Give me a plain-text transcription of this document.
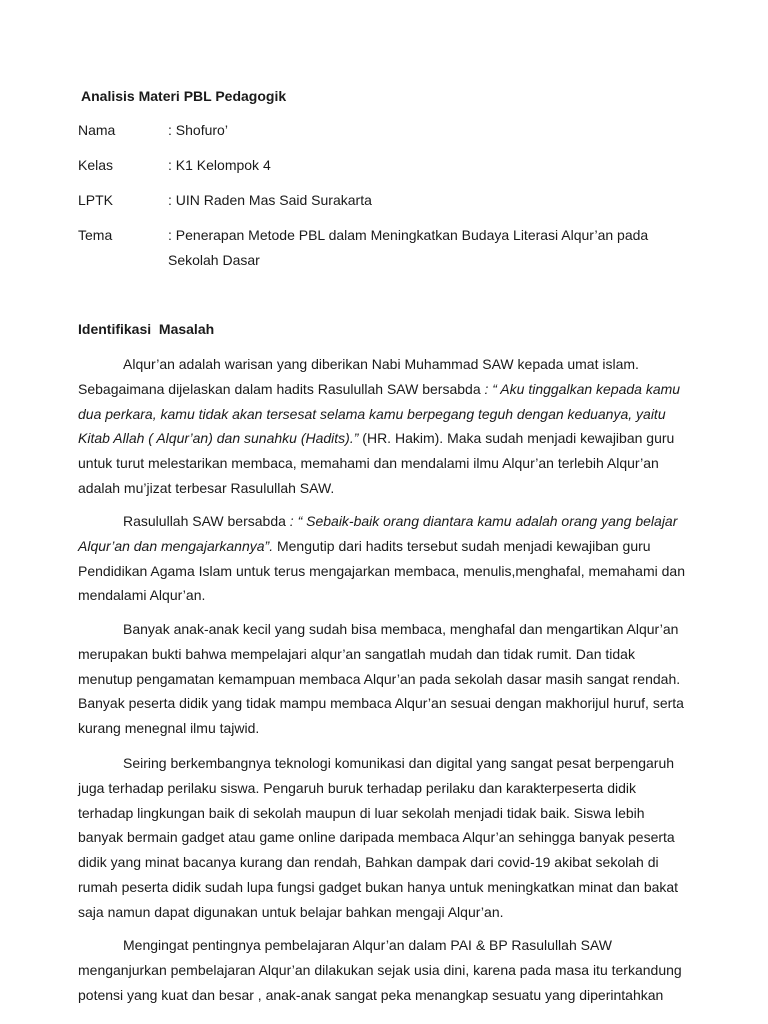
Analisis Materi PBL Pedagogik
Nama	: Shofuro’
Kelas	: K1 Kelompok 4
LPTK	: UIN Raden Mas Said Surakarta
Tema	: Penerapan Metode PBL dalam Meningkatkan Budaya Literasi Alqur’an pada Sekolah Dasar
Identifikasi  Masalah

Alqur’an adalah warisan yang diberikan Nabi Muhammad SAW kepada umat islam. Sebagaimana dijelaskan dalam hadits Rasulullah SAW bersabda : “ Aku tinggalkan kepada kamu dua perkara, kamu tidak akan tersesat selama kamu berpegang teguh dengan keduanya, yaitu Kitab Allah ( Alqur’an) dan sunahku (Hadits).” (HR. Hakim). Maka sudah menjadi kewajiban guru untuk turut melestarikan membaca, memahami dan mendalami ilmu Alqur’an terlebih Alqur’an adalah mu’jizat terbesar Rasulullah SAW.

Rasulullah SAW bersabda : “ Sebaik-baik orang diantara kamu adalah orang yang belajar Alqur’an dan mengajarkannya”. Mengutip dari hadits tersebut sudah menjadi kewajiban guru Pendidikan Agama Islam untuk terus mengajarkan membaca, menulis,menghafal, memahami dan mendalami Alqur’an.

Banyak anak-anak kecil yang sudah bisa membaca, menghafal dan mengartikan Alqur’an merupakan bukti bahwa mempelajari alqur’an sangatlah mudah dan tidak rumit. Dan tidak menutup pengamatan kemampuan membaca Alqur’an pada sekolah dasar masih sangat rendah. Banyak peserta didik yang tidak mampu membaca Alqur’an sesuai dengan makhorijul huruf, serta kurang menegnal ilmu tajwid.

Seiring berkembangnya teknologi komunikasi dan digital yang sangat pesat berpengaruh juga terhadap perilaku siswa. Pengaruh buruk terhadap perilaku dan karakterpeserta didik terhadap lingkungan baik di sekolah maupun di luar sekolah menjadi tidak baik. Siswa lebih banyak bermain gadget atau game online daripada membaca Alqur’an sehingga banyak peserta didik yang minat bacanya kurang dan rendah, Bahkan dampak dari covid-19 akibat sekolah di rumah peserta didik sudah lupa fungsi gadget bukan hanya untuk meningkatkan minat dan bakat saja namun dapat digunakan untuk belajar bahkan mengaji Alqur’an.

Mengingat pentingnya pembelajaran Alqur’an dalam PAI & BP Rasulullah SAW menganjurkan pembelajaran Alqur’an dilakukan sejak usia dini, karena pada masa itu terkandung potensi yang kuat dan besar , anak-anak sangat peka menangkap sesuatu yang diperintahkan
